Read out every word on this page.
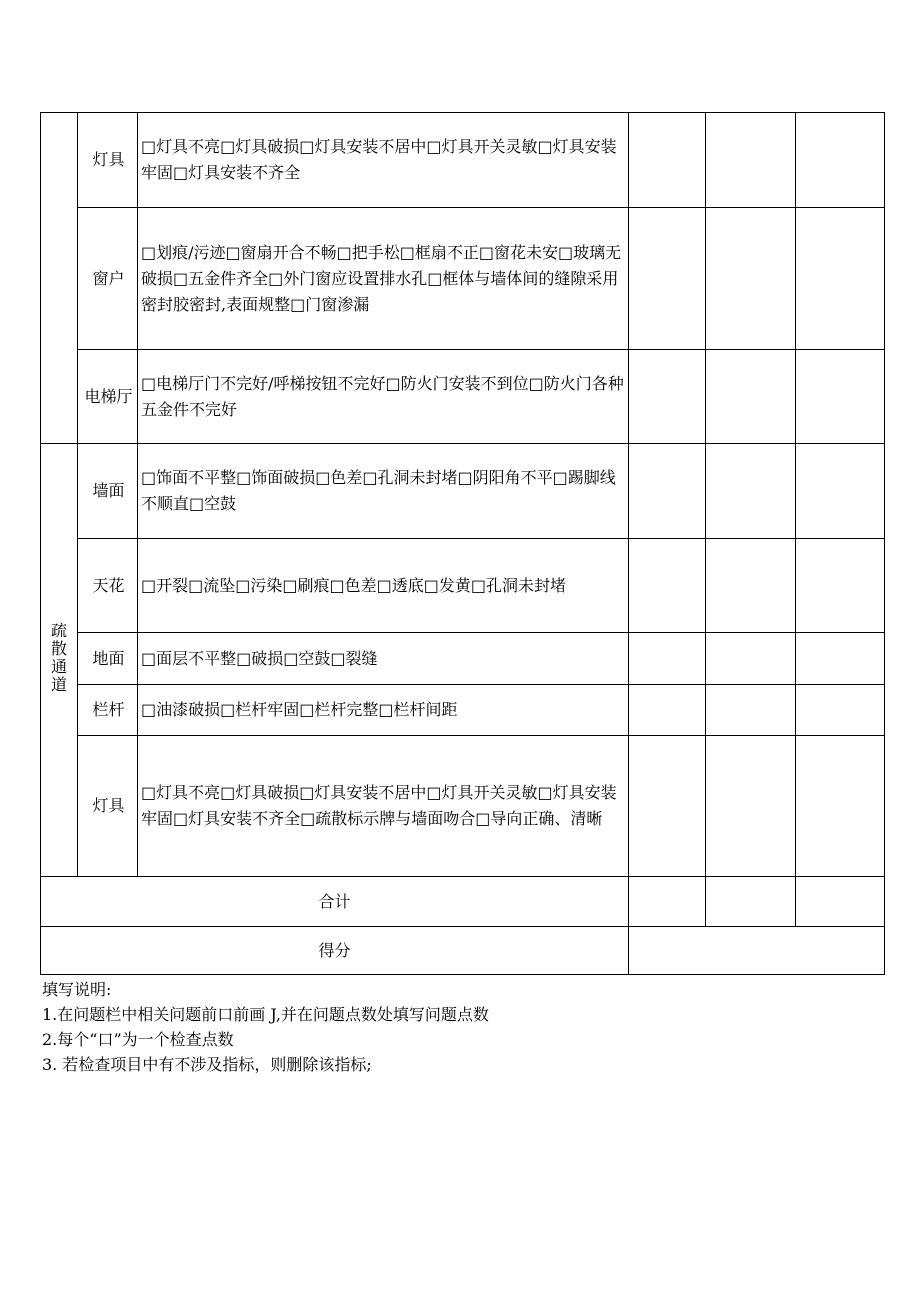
	灯具	□灯具不亮□灯具破损□灯具安装不居中□灯具开关灵敏□灯具安装牢固□灯具安装不齐全			
	窗户	□划痕/污迹□窗扇开合不畅□把手松□框扇不正□窗花未安□玻璃无破损□五金件齐全□外门窗应设置排水孔□框体与墙体间的缝隙采用密封胶密封,表面规整□门窗渗漏			
	电梯厅	□电梯厅门不完好/呼梯按钮不完好□防火门安装不到位□防火门各种五金件不完好			
疏散通道	墙面	□饰面不平整□饰面破损□色差□孔洞未封堵□阴阳角不平□踢脚线不顺直□空鼓			
	天花	□开裂□流坠□污染□刷痕□色差□透底□发黄□孔洞未封堵			
	地面	□面层不平整□破损□空鼓□裂缝			
	栏杆	□油漆破损□栏杆牢固□栏杆完整□栏杆间距			
	灯具	□灯具不亮□灯具破损□灯具安装不居中□灯具开关灵敏□灯具安装牢固□灯具安装不齐全□疏散标示牌与墙面吻合□导向正确、清晰			
合计					
得分					
填写说明:
1.在问题栏中相关问题前口前画 J,并在问题点数处填写问题点数
2.每个“口”为一个检查点数
3. 若检查项目中有不涉及指标，则删除该指标;
